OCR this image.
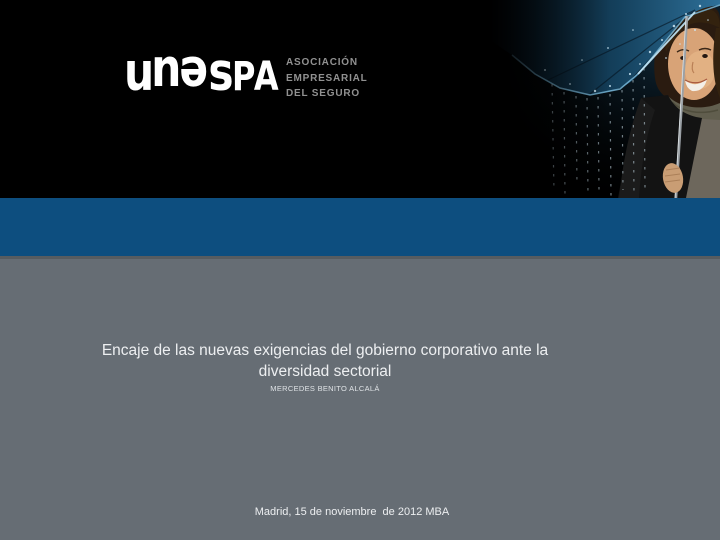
uuesPA ASOCIACIÓN
EMPRESARIAL
DEL SEGURO
Encaje de las nuevas exigencias del gobierno corporativo ante la
diversidad sectorial
MERCEDES BENITO ALCALÁ
Madrid, 15 de noviembre  de 2012 MBA
